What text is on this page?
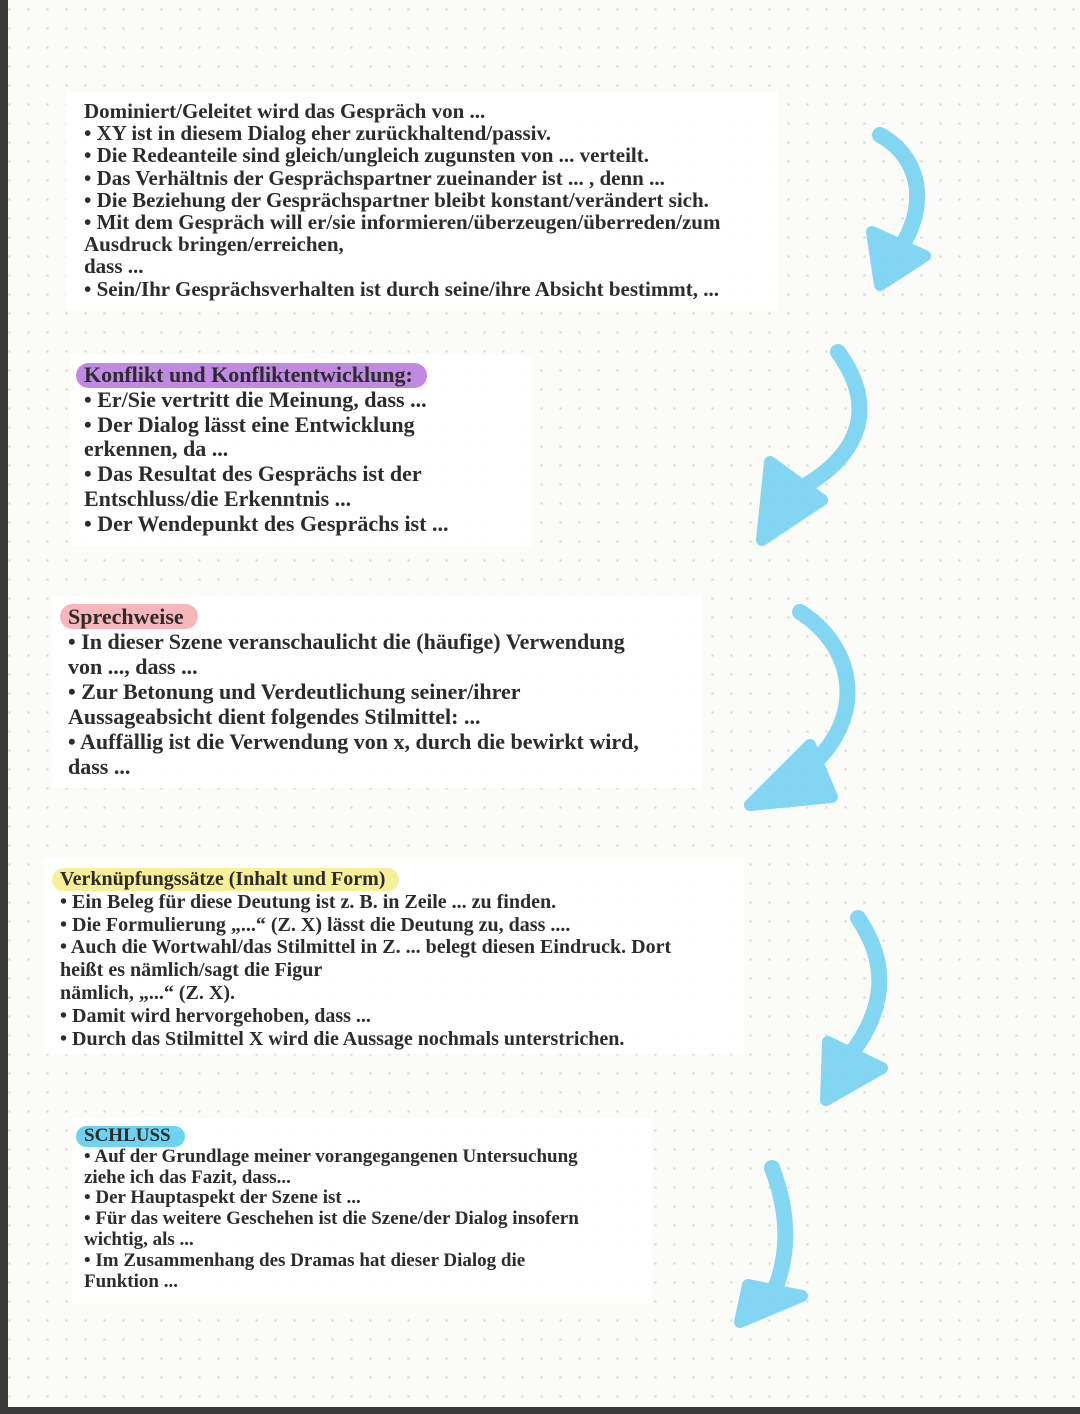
Dominiert/Geleitet wird das Gespräch von ...
• XY ist in diesem Dialog eher zurückhaltend/passiv.
• Die Redeanteile sind gleich/ungleich zugunsten von ... verteilt.
• Das Verhältnis der Gesprächspartner zueinander ist ... , denn ...
• Die Beziehung der Gesprächspartner bleibt konstant/verändert sich.
• Mit dem Gespräch will er/sie informieren/überzeugen/überreden/zum
Ausdruck bringen/erreichen,
dass ...
• Sein/Ihr Gesprächsverhalten ist durch seine/ihre Absicht bestimmt, ...
Konflikt und Konfliktentwicklung:
• Er/Sie vertritt die Meinung, dass ...
• Der Dialog lässt eine Entwicklung
erkennen, da ...
• Das Resultat des Gesprächs ist der
Entschluss/die Erkenntnis ...
• Der Wendepunkt des Gesprächs ist ...
Sprechweise
• In dieser Szene veranschaulicht die (häufige) Verwendung
von ..., dass ...
• Zur Betonung und Verdeutlichung seiner/ihrer
Aussageabsicht dient folgendes Stilmittel: ...
• Auffällig ist die Verwendung von x, durch die bewirkt wird,
dass ...
Verknüpfungssätze (Inhalt und Form)
• Ein Beleg für diese Deutung ist z. B. in Zeile ... zu finden.
• Die Formulierung „...“ (Z. X) lässt die Deutung zu, dass ....
• Auch die Wortwahl/das Stilmittel in Z. ... belegt diesen Eindruck. Dort
heißt es nämlich/sagt die Figur
nämlich, „...“ (Z. X).
• Damit wird hervorgehoben, dass ...
• Durch das Stilmittel X wird die Aussage nochmals unterstrichen.
SCHLUSS
• Auf der Grundlage meiner vorangegangenen Untersuchung
ziehe ich das Fazit, dass...
• Der Hauptaspekt der Szene ist ...
• Für das weitere Geschehen ist die Szene/der Dialog insofern
wichtig, als ...
• Im Zusammenhang des Dramas hat dieser Dialog die
Funktion ...
